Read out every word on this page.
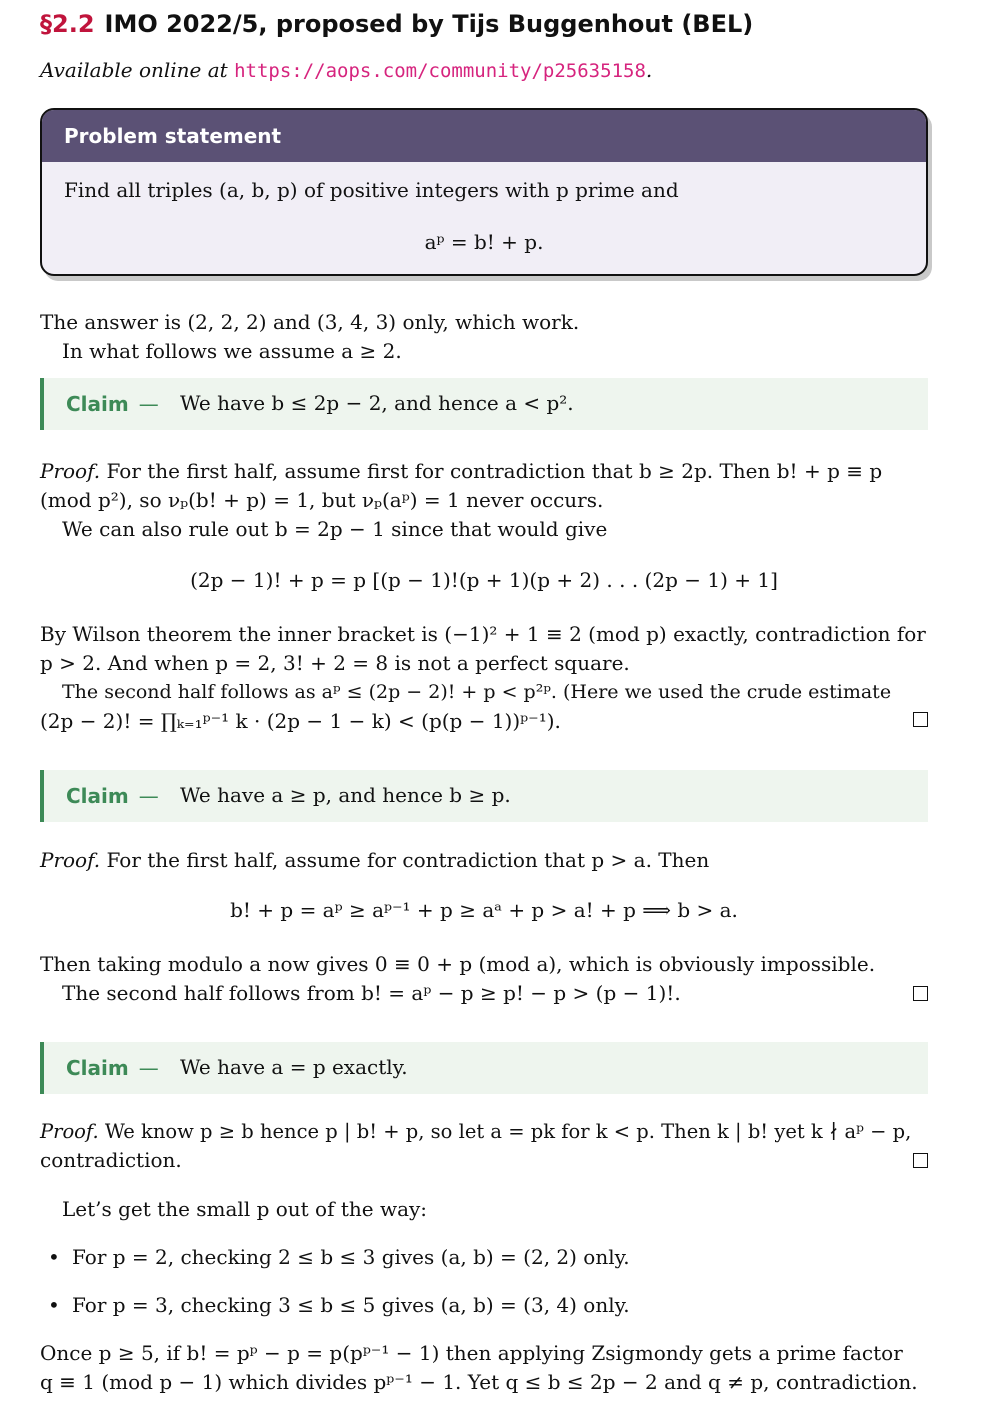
§2.2 IMO 2022/5, proposed by Tijs Buggenhout (BEL)
Available online at https://aops.com/community/p25635158.
Problem statement
Find all triples (a, b, p) of positive integers with p prime and
aᵖ = b! + p.
The answer is (2, 2, 2) and (3, 4, 3) only, which work.
In what follows we assume a ≥ 2.
Claim —	We have b ≤ 2p − 2, and hence a < p².
Proof. For the first half, assume first for contradiction that b ≥ 2p. Then b! + p ≡ p
(mod p²), so νₚ(b! + p) = 1, but νₚ(aᵖ) = 1 never occurs.
We can also rule out b = 2p − 1 since that would give
(2p − 1)! + p = p [(p − 1)!(p + 1)(p + 2) . . . (2p − 1) + 1]
By Wilson theorem the inner bracket is (−1)² + 1 ≡ 2 (mod p) exactly, contradiction for
p > 2. And when p = 2, 3! + 2 = 8 is not a perfect square.
The second half follows as aᵖ ≤ (2p − 2)! + p < p²ᵖ. (Here we used the crude estimate
(2p − 2)! = ∏ₖ₌₁ᵖ⁻¹ k · (2p − 1 − k) < (p(p − 1))ᵖ⁻¹).
Claim —	We have a ≥ p, and hence b ≥ p.
Proof. For the first half, assume for contradiction that p > a. Then
b! + p = aᵖ ≥ aᵖ⁻¹ + p ≥ aᵃ + p > a! + p ⟹ b > a.
Then taking modulo a now gives 0 ≡ 0 + p (mod a), which is obviously impossible.
The second half follows from b! = aᵖ − p ≥ p! − p > (p − 1)!.
Claim —	We have a = p exactly.
Proof. We know p ≥ b hence p | b! + p, so let a = pk for k < p. Then k | b! yet k ∤ aᵖ − p,
contradiction.
Let’s get the small p out of the way:
• For p = 2, checking 2 ≤ b ≤ 3 gives (a, b) = (2, 2) only.
• For p = 3, checking 3 ≤ b ≤ 5 gives (a, b) = (3, 4) only.
Once p ≥ 5, if b! = pᵖ − p = p(pᵖ⁻¹ − 1) then applying Zsigmondy gets a prime factor
q ≡ 1 (mod p − 1) which divides pᵖ⁻¹ − 1. Yet q ≤ b ≤ 2p − 2 and q ≠ p, contradiction.
